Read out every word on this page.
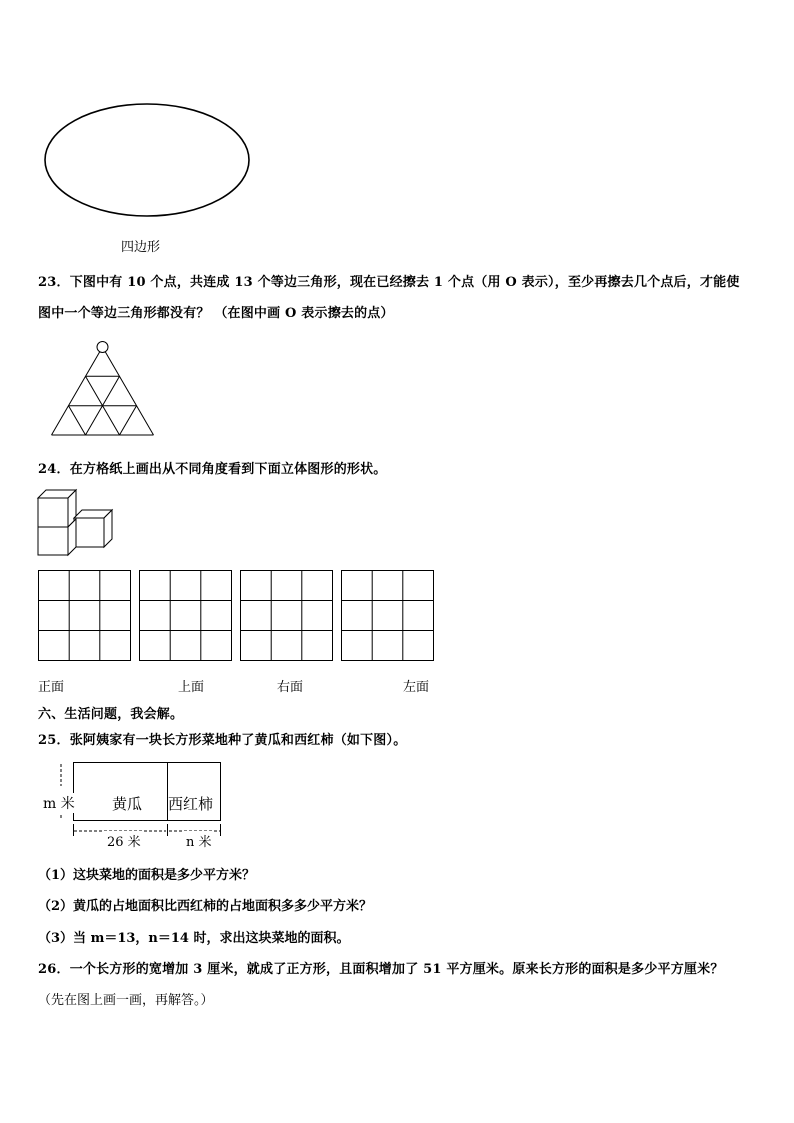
四边形
23．下图中有 10 个点，共连成 13 个等边三角形，现在已经擦去 1 个点（用 O 表示），至少再擦去几个点后，才能使
图中一个等边三角形都没有？ （在图中画 O 表示擦去的点）
24．在方格纸上画出从不同角度看到下面立体图形的形状。
正面	上面	右面	左面
六、生活问题，我会解。
25．张阿姨家有一块长方形菜地种了黄瓜和西红柿（如下图）。
m 米 黄瓜 西红柿
26 米	n 米
（1）这块菜地的面积是多少平方米？
（2）黄瓜的占地面积比西红柿的占地面积多多少平方米？
（3）当 m＝13，n＝14 时，求出这块菜地的面积。
26．一个长方形的宽增加 3 厘米，就成了正方形，且面积增加了 51 平方厘米。原来长方形的面积是多少平方厘米？
（先在图上画一画，再解答。）
